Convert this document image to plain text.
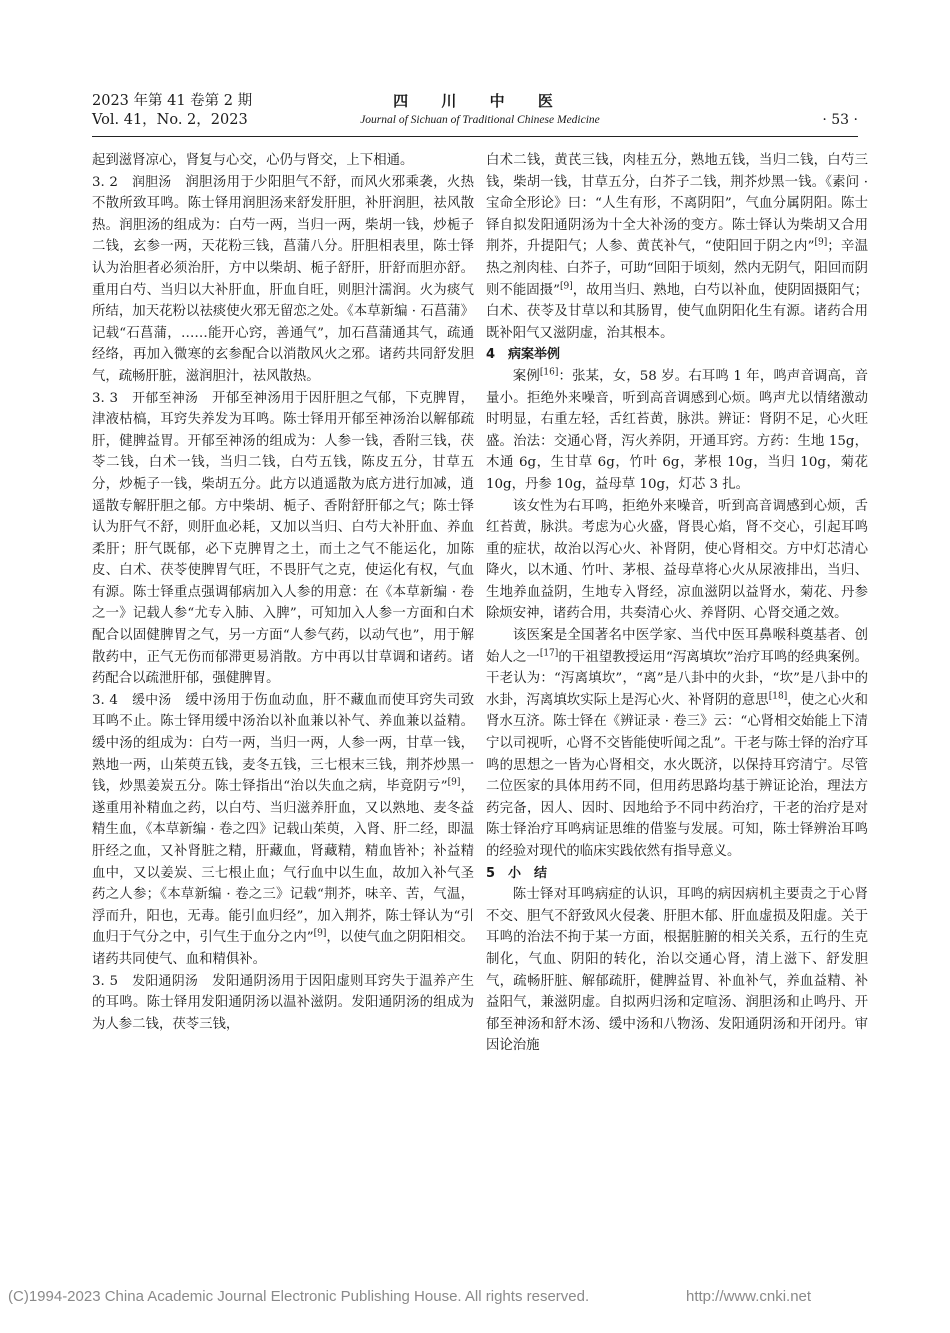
2023 年第 41 卷第 2 期
Vol. 41，No. 2，2023
四 川 中 医
Journal of Sichuan of Traditional Chinese Medicine	· 53 ·

起到滋肾凉心，肾复与心交，心仍与肾交，上下相通。

3. 2　 润胆汤　 润胆汤用于少阳胆气不舒，而风火邪乘袭，火热不散所致耳鸣。陈士铎用润胆汤来舒发肝胆，补肝润胆，祛风散热。润胆汤的组成为：白芍一两，当归一两，柴胡一钱，炒栀子二钱，玄参一两，天花粉三钱，菖蒲八分。肝胆相表里，陈士铎认为治胆者必须治肝，方中以柴胡、栀子舒肝，肝舒而胆亦舒。重用白芍、当归以大补肝血，肝血自旺，则胆汁濡润。火为痰气所结，加天花粉以祛痰使火邪无留恋之处。《本草新编 · 石菖蒲》记载“石菖蒲，……能开心窍，善通气”，加石菖蒲通其气，疏通经络，再加入微寒的玄参配合以消散风火之邪。诸药共同舒发胆气，疏畅肝脏，滋润胆汁，祛风散热。

3. 3　 开郁至神汤　 开郁至神汤用于因肝胆之气郁，下克脾胃，津液枯槁，耳窍失养发为耳鸣。陈士铎用开郁至神汤治以解郁疏肝，健脾益胃。开郁至神汤的组成为：人参一钱，香附三钱，茯苓二钱，白术一钱，当归二钱，白芍五钱，陈皮五分，甘草五分，炒栀子一钱，柴胡五分。此方以逍遥散为底方进行加减，逍遥散专解肝胆之郁。方中柴胡、栀子、香附舒肝郁之气；陈士铎认为肝气不舒，则肝血必耗，又加以当归、白芍大补肝血、养血柔肝；肝气既郁，必下克脾胃之土，而土之气不能运化，加陈皮、白术、茯苓使脾胃气旺，不畏肝气之克，使运化有权，气血有源。陈士铎重点强调郁病加入人参的用意：在《本草新编 · 卷之一》记载人参“尤专入肺、入脾”，可知加入人参一方面和白术配合以固健脾胃之气，另一方面“人参气药，以动气也”，用于解散药中，正气无伤而郁滞更易消散。方中再以甘草调和诸药。诸药配合以疏泄肝郁，强健脾胃。

3. 4　 缓中汤　 缓中汤用于伤血动血，肝不藏血而使耳窍失司致耳鸣不止。陈士铎用缓中汤治以补血兼以补气、养血兼以益精。缓中汤的组成为：白芍一两，当归一两，人参一两，甘草一钱，熟地一两，山茱萸五钱，麦冬五钱，三七根末三钱，荆芥炒黑一钱，炒黑姜炭五分。陈士铎指出“治以失血之病，毕竟阴亏”[9]，遂重用补精血之药，以白芍、当归滋养肝血，又以熟地、麦冬益精生血，《本草新编 · 卷之四》记载山茱萸，入肾、肝二经，即温肝经之血，又补肾脏之精，肝藏血，肾藏精，精血皆补；补益精血中，又以姜炭、三七根止血；气行血中以生血，故加入补气圣药之人参；《本草新编 · 卷之三》记载“荆芥，味辛、苦，气温，浮而升，阳也，无毒。能引血归经”，加入荆芥，陈士铎认为“引血归于气分之中，引气生于血分之内”[9]，以使气血之阴阳相交。诸药共同使气、血和精俱补。

3. 5　 发阳通阴汤　 发阳通阴汤用于因阳虚则耳窍失于温养产生的耳鸣。陈士铎用发阳通阴汤以温补滋阴。发阳通阴汤的组成为为人参二钱，茯苓三钱，

白术二钱，黄芪三钱，肉桂五分，熟地五钱，当归二钱，白芍三钱，柴胡一钱，甘草五分，白芥子二钱，荆芥炒黑一钱。《素问 · 宝命全形论》曰：“人生有形，不离阴阳”，气血分属阴阳。陈士铎自拟发阳通阴汤为十全大补汤的变方。陈士铎认为柴胡又合用荆芥，升提阳气；人参、黄芪补气，“使阳回于阴之内”[9]；辛温热之剂肉桂、白芥子，可助“回阳于顷刻，然内无阴气，阳回而阴则不能固摄”[9]，故用当归、熟地，白芍以补血，使阴固摄阳气；白术、茯苓及甘草以和其肠胃，使气血阴阳化生有源。诸药合用既补阳气又滋阴虚，治其根本。

4　病案举例

案例[16]：张某，女，58 岁。右耳鸣 1 年，鸣声音调高，音量小。拒绝外来噪音，听到高音调感到心烦。鸣声尤以情绪激动时明显，右重左轻，舌红苔黄，脉洪。辨证：肾阴不足，心火旺盛。治法：交通心肾，泻火养阴，开通耳窍。方药：生地 15g，木通 6g，生甘草 6g，竹叶 6g，茅根 10g，当归 10g，菊花 10g，丹参 10g，益母草 10g，灯芯 3 扎。

该女性为右耳鸣，拒绝外来噪音，听到高音调感到心烦，舌红苔黄，脉洪。考虑为心火盛，肾畏心焰，肾不交心，引起耳鸣重的症状，故治以泻心火、补肾阴，使心肾相交。方中灯芯清心降火，以木通、竹叶、茅根、益母草将心火从尿液排出，当归、生地养血益阴，生地专入肾经，凉血滋阴以益肾水，菊花、丹参除烦安神，诸药合用，共奏清心火、养肾阴、心肾交通之效。

该医案是全国著名中医学家、当代中医耳鼻喉科奠基者、创始人之一[17]的干祖望教授运用“泻离填坎”治疗耳鸣的经典案例。干老认为：“泻离填坎”，“离”是八卦中的火卦，“坎”是八卦中的水卦，泻离填坎实际上是泻心火、补肾阴的意思[18]，使之心火和肾水互济。陈士铎在《辨证录 · 卷三》云：“心肾相交始能上下清宁以司视听，心肾不交皆能使听闻之乱”。干老与陈士铎的治疗耳鸣的思想之一皆为心肾相交，水火既济，以保持耳窍清宁。尽管二位医家的具体用药不同，但用药思路均基于辨证论治，理法方药完备，因人、因时、因地给予不同中药治疗，干老的治疗是对陈士铎治疗耳鸣病证思维的借鉴与发展。可知，陈士铎辨治耳鸣的经验对现代的临床实践依然有指导意义。

5　小　结

陈士铎对耳鸣病症的认识，耳鸣的病因病机主要责之于心肾不交、胆气不舒致风火侵袭、肝胆木郁、肝血虚损及阳虚。关于耳鸣的治法不拘于某一方面，根据脏腑的相关关系，五行的生克制化，气血、阴阳的转化，治以交通心肾，清上滋下、舒发胆气，疏畅肝脏、解郁疏肝，健脾益胃、补血补气，养血益精、补益阳气，兼滋阴虚。自拟两归汤和定喧汤、润胆汤和止鸣丹、开郁至神汤和舒木汤、缓中汤和八物汤、发阳通阴汤和开闭丹。审因论治施

(C)1994-2023 China Academic Journal Electronic Publishing House. All rights reserved.	http://www.cnki.net
